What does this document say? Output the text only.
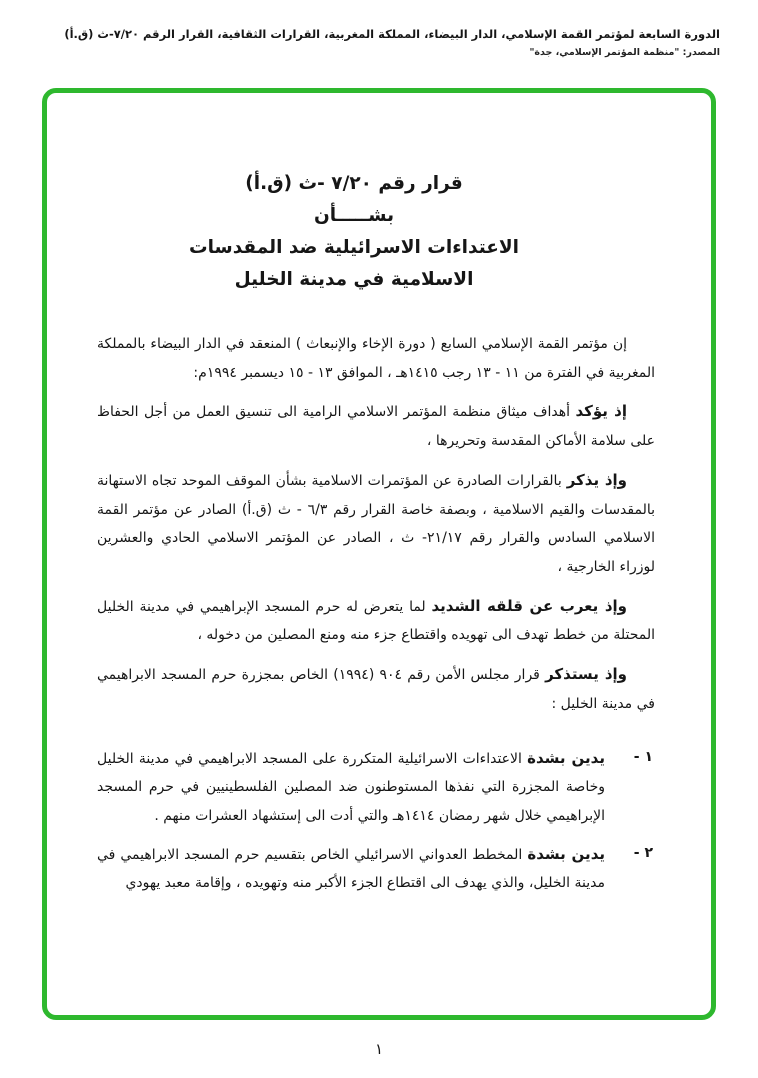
الدورة السابعة لمؤتمر القمة الإسلامي، الدار البيضاء، المملكة المغربية، القرارات الثقافية، القرار الرقم ٧/٢٠-ث (ق.أ)
المصدر: "منظمة المؤتمر الإسلامي، جدة"
قرار رقم ٧/٢٠ -ث (ق.أ)
بشـــــأن
الاعتداءات الاسرائيلية ضد المقدسات
الاسلامية في مدينة الخليل

إن مؤتمر القمة الإسلامي السابع ( دورة الإخاء والإنبعاث ) المنعقد في الدار البيضاء بالمملكة المغربية في الفترة من ١١ - ١٣ رجب ١٤١٥هـ ، الموافق ١٣ - ١٥ ديسمبر ١٩٩٤م:

إذ يؤكد أهداف ميثاق منظمة المؤتمر الاسلامي الرامية الى تنسيق العمل من أجل الحفاظ على سلامة الأماكن المقدسة وتحريرها ،

وإذ يذكر بالقرارات الصادرة عن المؤتمرات الاسلامية بشأن الموقف الموحد تجاه الاستهانة بالمقدسات والقيم الاسلامية ، وبصفة خاصة القرار رقم ٦/٣ - ث (ق.أ) الصادر عن مؤتمر القمة الاسلامي السادس والقرار رقم ٢١/١٧- ث ، الصادر عن المؤتمر الاسلامي الحادي والعشرين لوزراء الخارجية ،

وإذ يعرب عن قلقه الشديد لما يتعرض له حرم المسجد الإبراهيمي في مدينة الخليل المحتلة من خطط تهدف الى تهويده واقتطاع جزء منه ومنع المصلين من دخوله ،

وإذ يستذكر قرار مجلس الأمن رقم ٩٠٤ (١٩٩٤) الخاص بمجزرة حرم المسجد الابراهيمي في مدينة الخليل :

١ -
يدين بشدة الاعتداءات الاسرائيلية المتكررة على المسجد الابراهيمي في مدينة الخليل وخاصة المجزرة التي نفذها المستوطنون ضد المصلين الفلسطينيين في حرم المسجد الإبراهيمي خلال شهر رمضان ١٤١٤هـ والتي أدت الى إستشهاد العشرات منهم .
٢ -
يدين بشدة المخطط العدواني الاسرائيلي الخاص بتقسيم حرم المسجد الابراهيمي في مدينة الخليل، والذي يهدف الى اقتطاع الجزء الأكبر منه وتهويده ، وإقامة معبد يهودي
١
